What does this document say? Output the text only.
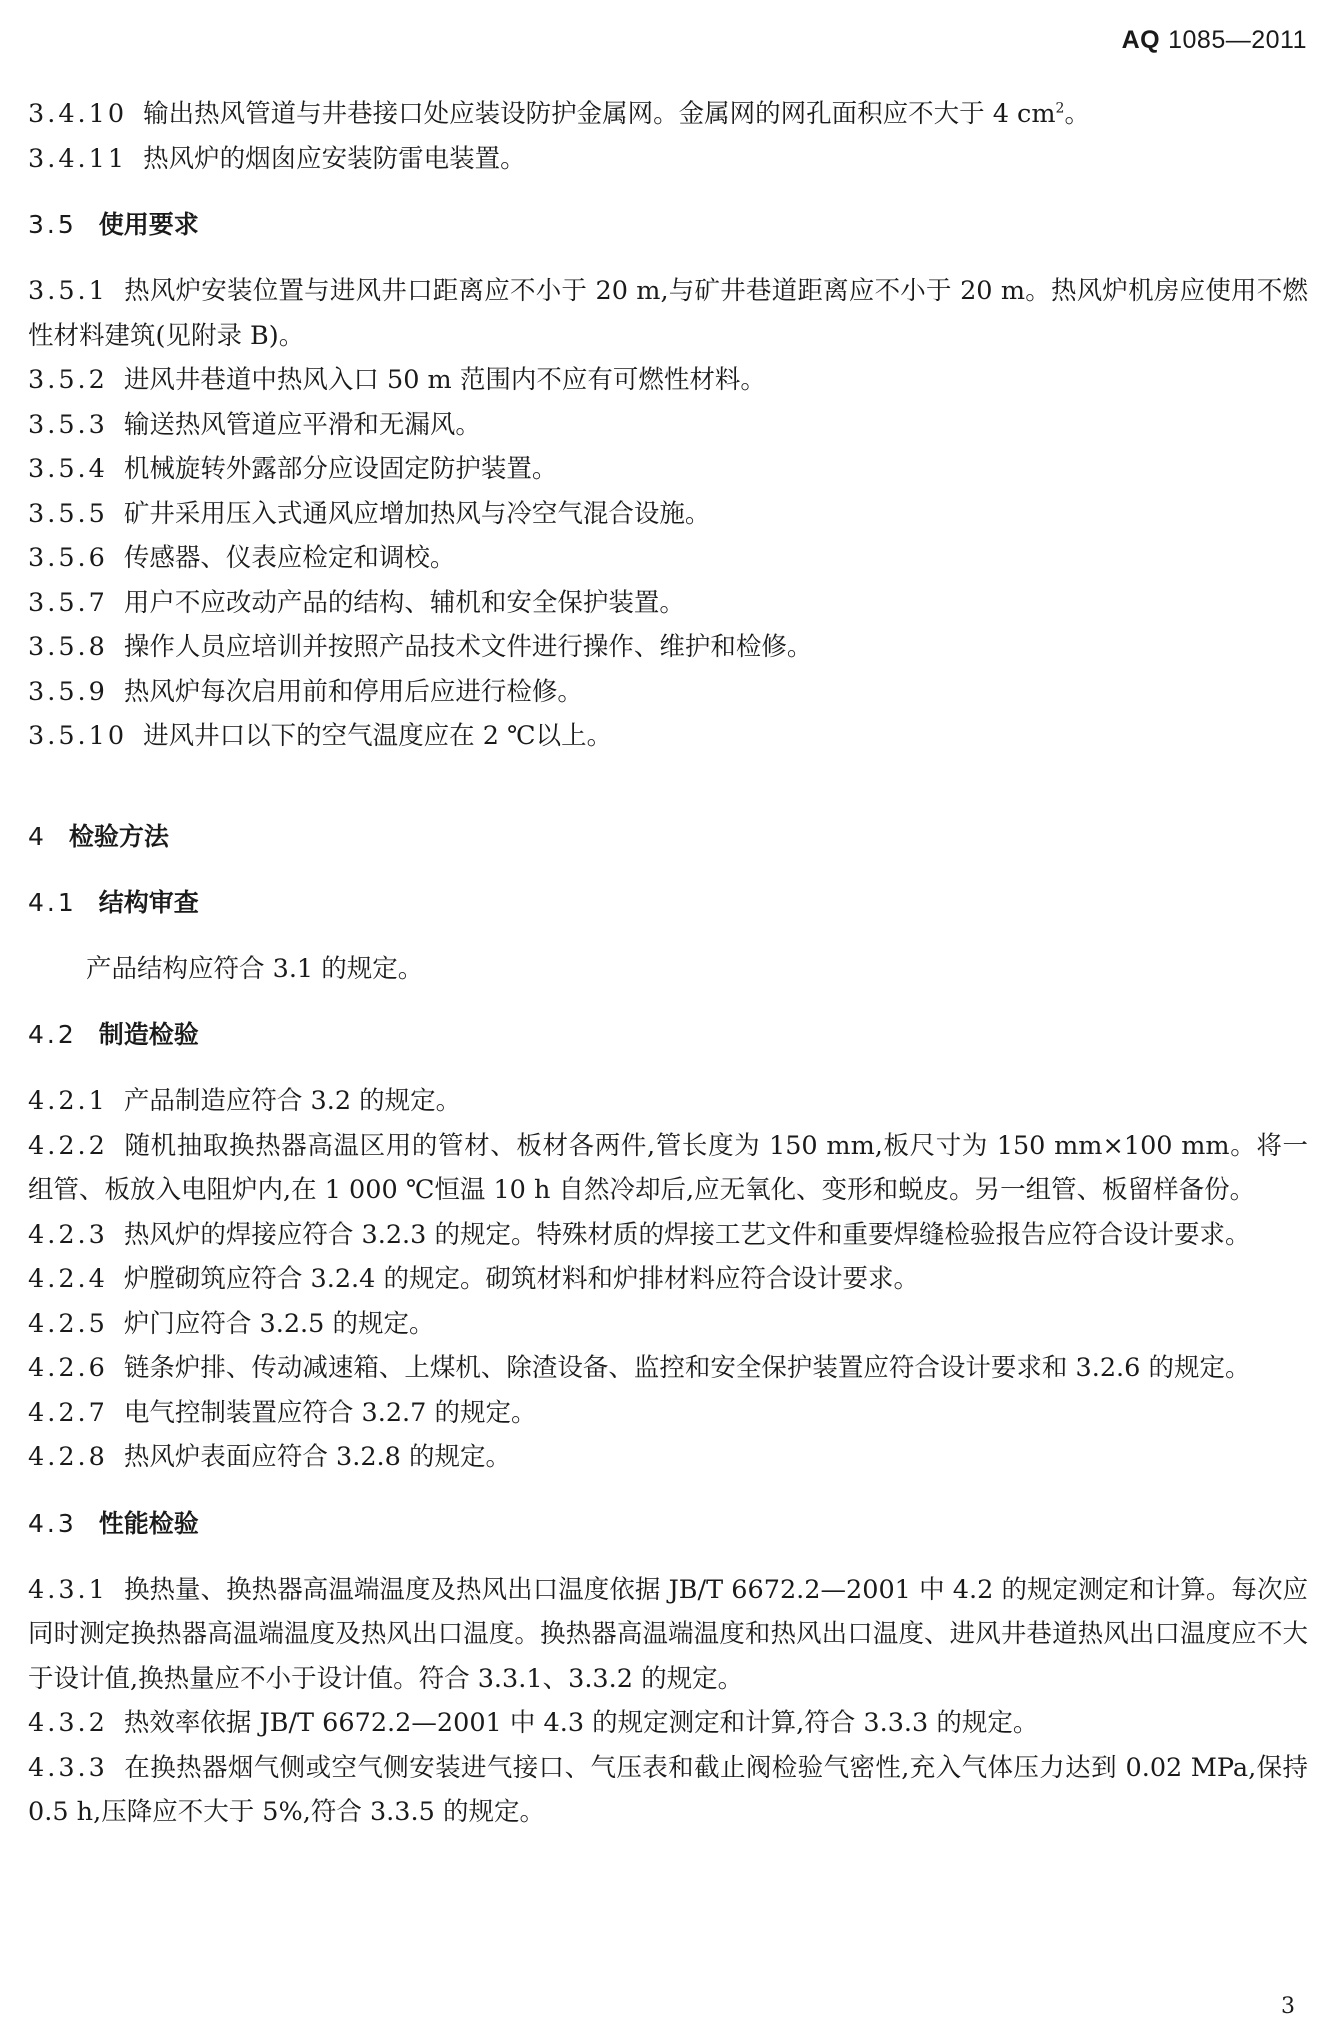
AQ 1085—2011
3.4.10 输出热风管道与井巷接口处应装设防护金属网。金属网的网孔面积应不大于 4 $cm^2$。
3.4.11 热风炉的烟囱应安装防雷电装置。
3.5 使用要求
3.5.1 热风炉安装位置与进风井口距离应不小于 20 m,与矿井巷道距离应不小于 20 m。热风炉机房应使用不燃性材料建筑(见附录 B)。
3.5.2 进风井巷道中热风入口 50 m 范围内不应有可燃性材料。
3.5.3 输送热风管道应平滑和无漏风。
3.5.4 机械旋转外露部分应设固定防护装置。
3.5.5 矿井采用压入式通风应增加热风与冷空气混合设施。
3.5.6 传感器、仪表应检定和调校。
3.5.7 用户不应改动产品的结构、辅机和安全保护装置。
3.5.8 操作人员应培训并按照产品技术文件进行操作、维护和检修。
3.5.9 热风炉每次启用前和停用后应进行检修。
3.5.10 进风井口以下的空气温度应在 2 ℃以上。
4 检验方法
4.1 结构审查
产品结构应符合 3.1 的规定。
4.2 制造检验
4.2.1 产品制造应符合 3.2 的规定。
4.2.2 随机抽取换热器高温区用的管材、板材各两件,管长度为 150 mm,板尺寸为 150 mm×100 mm。将一组管、板放入电阻炉内,在 1 000 ℃恒温 10 h 自然冷却后,应无氧化、变形和蜕皮。另一组管、板留样备份。
4.2.3 热风炉的焊接应符合 3.2.3 的规定。特殊材质的焊接工艺文件和重要焊缝检验报告应符合设计要求。
4.2.4 炉膛砌筑应符合 3.2.4 的规定。砌筑材料和炉排材料应符合设计要求。
4.2.5 炉门应符合 3.2.5 的规定。
4.2.6 链条炉排、传动减速箱、上煤机、除渣设备、监控和安全保护装置应符合设计要求和 3.2.6 的规定。
4.2.7 电气控制装置应符合 3.2.7 的规定。
4.2.8 热风炉表面应符合 3.2.8 的规定。
4.3 性能检验
4.3.1 换热量、换热器高温端温度及热风出口温度依据 JB/T 6672.2—2001 中 4.2 的规定测定和计算。每次应同时测定换热器高温端温度及热风出口温度。换热器高温端温度和热风出口温度、进风井巷道热风出口温度应不大于设计值,换热量应不小于设计值。符合 3.3.1、3.3.2 的规定。
4.3.2 热效率依据 JB/T 6672.2—2001 中 4.3 的规定测定和计算,符合 3.3.3 的规定。
4.3.3 在换热器烟气侧或空气侧安装进气接口、气压表和截止阀检验气密性,充入气体压力达到 0.02 MPa,保持 0.5 h,压降应不大于 5%,符合 3.3.5 的规定。
3
